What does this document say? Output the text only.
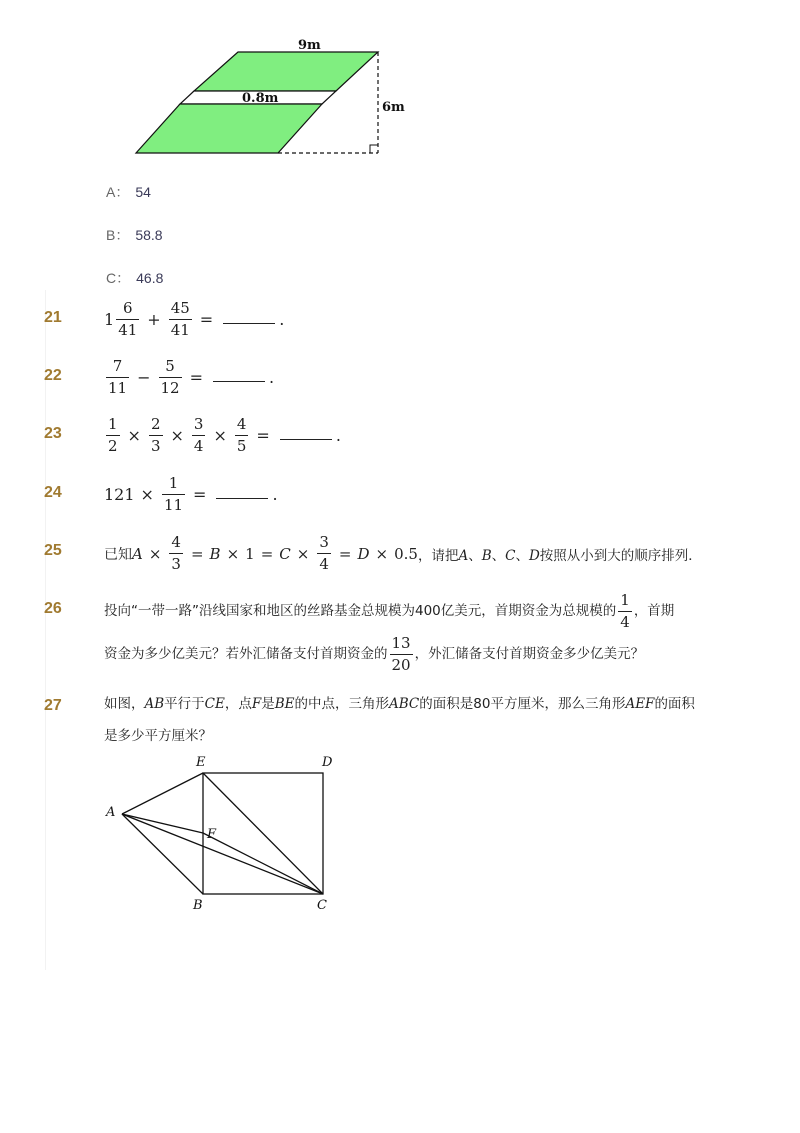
9m
0.8m
6m
A： 54
B： 58.8
C： 46.8
21	$1 \frac{6}{41} + \frac{45}{41}$ =	.
22	$\frac{7}{11} - \frac{5}{12}$ =	.
23	$\frac{1}{2} \times \frac{2}{3} \times \frac{3}{4} \times \frac{4}{5}$ =	.
24	$121 \times \frac{1}{11}$ =	.
25	已知 $A \times \frac{4}{3} = B \times 1 = C \times \frac{3}{4} = D \times 0.5$ ，请把A、B、C、D按照从小到大的顺序排列．
26	投向“一带一路”沿线国家和地区的丝路基金总规模为400亿美元，首期资金为总规模的 $\frac{1}{4}$ ，首期
资金为多少亿美元？若外汇储备支付首期资金的 $\frac{13}{20}$ ，外汇储备支付首期资金多少亿美元？
27	如图， AB 平行于 CE ，点 F 是 BE 的中点，三角形 ABC 的面积是80平方厘米，那么三角形 AEF 的面积
是多少平方厘米？
E	D
A
F
B	C
